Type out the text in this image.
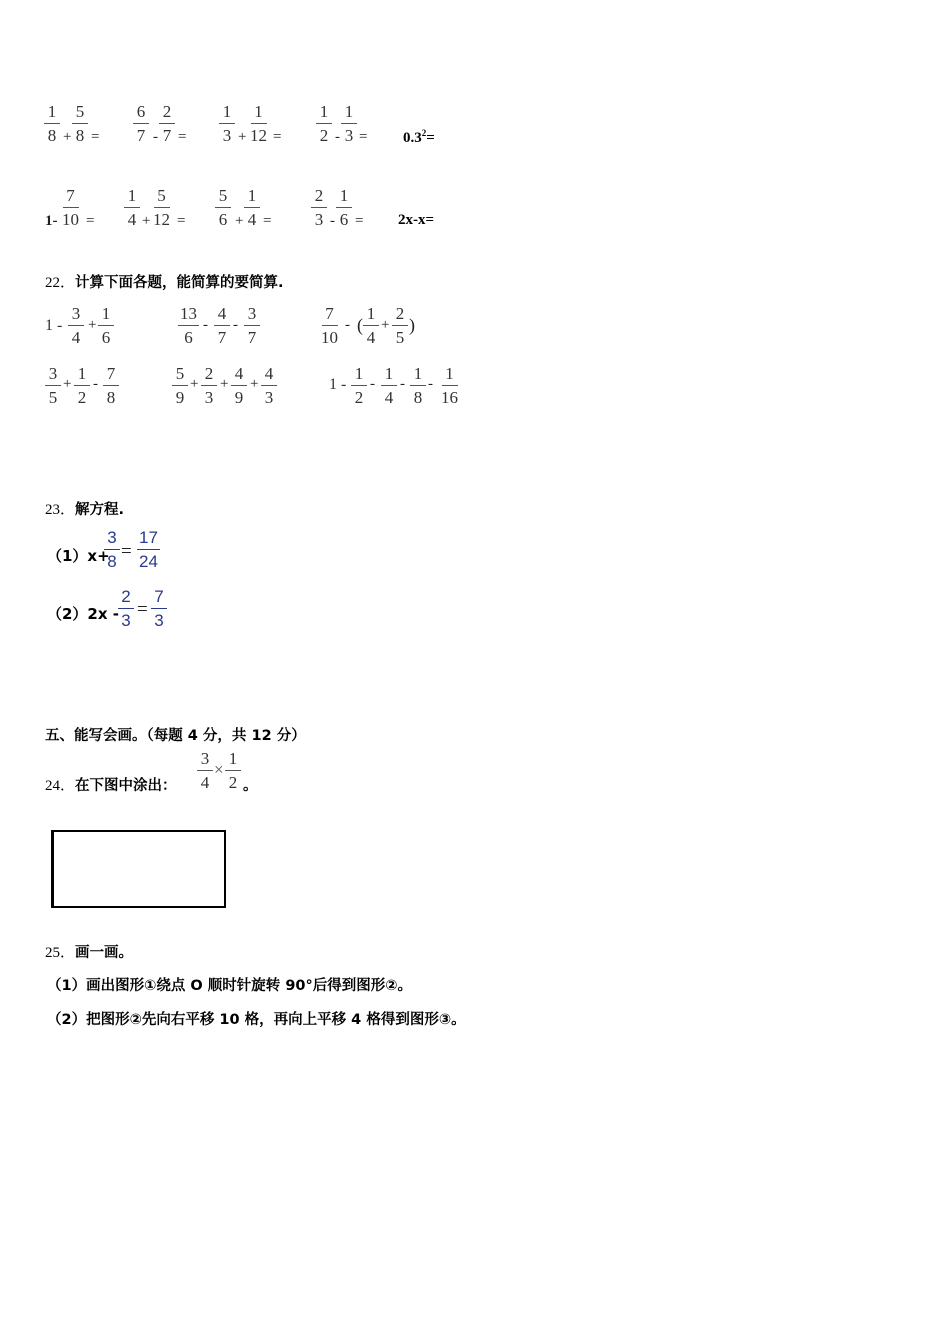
$\frac{1}{8} + \frac{5}{8} = \frac{6}{7} - \frac{2}{7} = \frac{1}{3} + \frac{1}{12} = \frac{1}{2} - \frac{1}{3} = 0.3^2=$
$1- \frac{7}{10} = \frac{1}{4} + \frac{5}{12} = \frac{5}{6} + \frac{1}{4} = \frac{2}{3} - \frac{1}{6} = 2x-x=$
22．计算下面各题，能简算的要简算.
$1 - \frac{3}{4} + \frac{1}{6}$	$\frac{13}{6} - \frac{4}{7} - \frac{3}{7}$	$\frac{7}{10}$ - ( $\frac{1}{4} + \frac{2}{5}$ )
$\frac{3}{5} + \frac{1}{2} - \frac{7}{8}$	$\frac{5}{9} + \frac{2}{3} + \frac{4}{9} + \frac{4}{3}$	$1 - \frac{1}{2} - \frac{1}{4} - \frac{1}{8} - \frac{1}{16}$
23．解方程.
（1）x+
$\frac{3}{8} = \frac{17}{24}$
$(2)2x - \frac{2}{3} = \frac{7}{3}$
五、能写会画。（每题 4 分，共 12 分）
24．在下图中涂出： $\frac{3}{4} \times \frac{1}{2}$ 。
25．画一画。
（1）画出图形①绕点 O 顺时针旋转 90°后得到图形②。
（2）把图形②先向右平移 10 格，再向上平移 4 格得到图形③。
